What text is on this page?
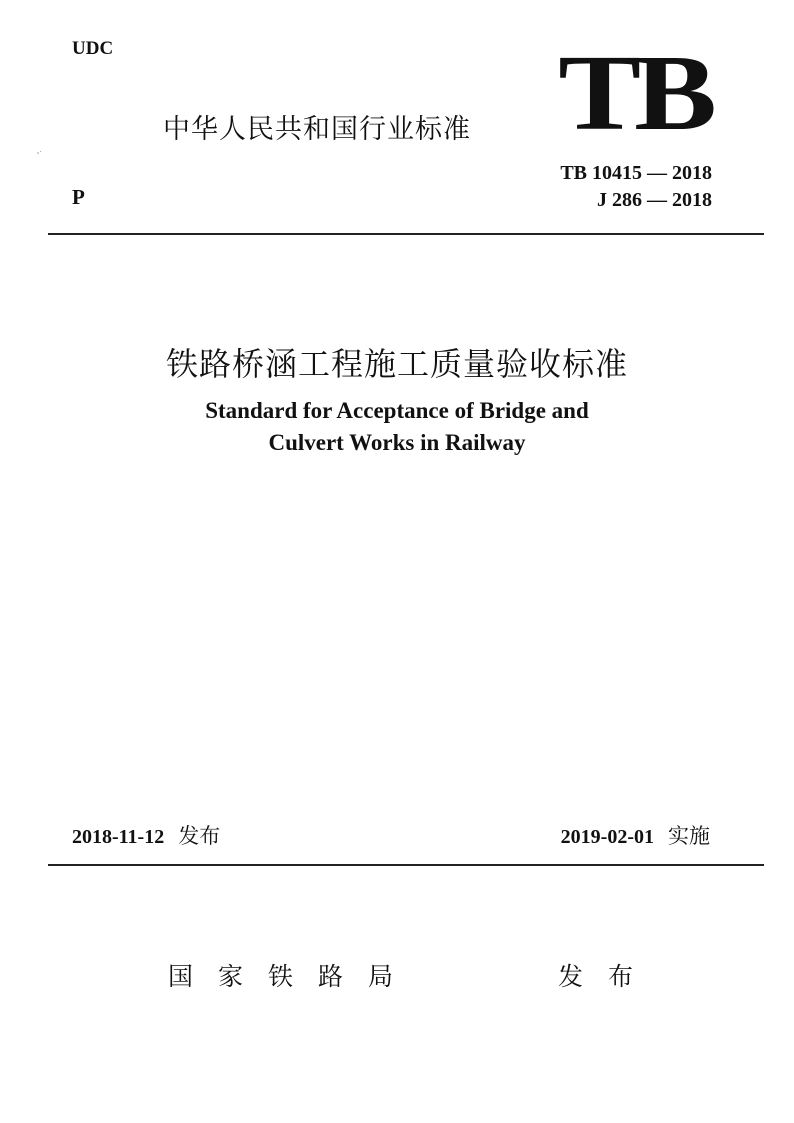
UDC
中华人民共和国行业标准 TB
P
TB 10415 — 2018
J 286 — 2018
铁路桥涵工程施工质量验收标准
Standard for Acceptance of Bridge and
Culvert Works in Railway
2018-11-12 发布	2019-02-01 实施
国家铁路局	发布
